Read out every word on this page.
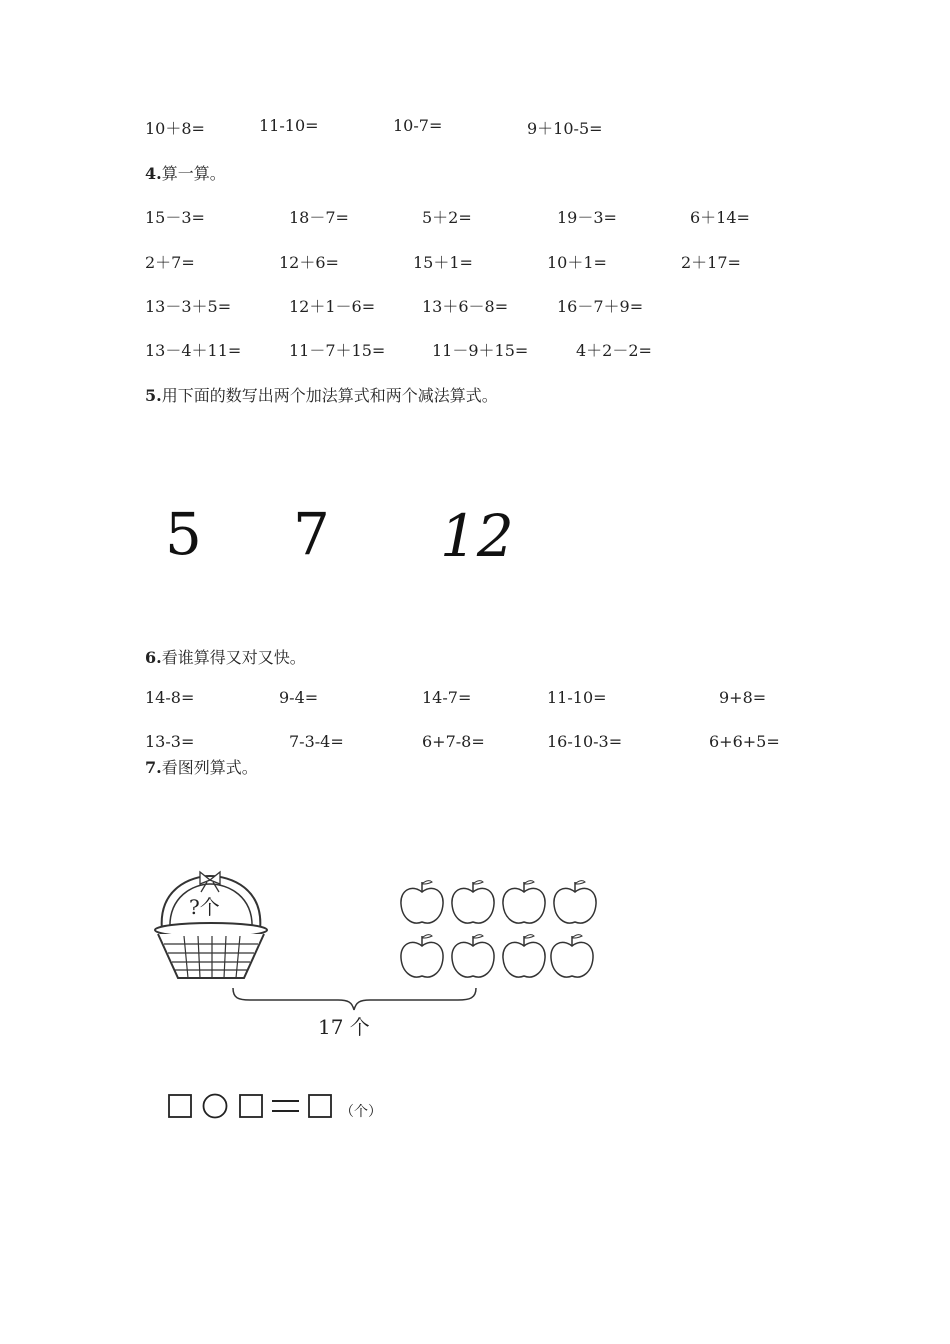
10＋8=	11-10=	10-7=	9＋10-5=
4.算一算。
15－3=	18－7=	5＋2=	19－3=	6＋14=
2＋7=	12＋6=	15＋1=	10＋1=	2＋17=
13－3＋5=	12＋1－6=	13＋6－8=	16－7＋9=
13－4＋11=	11－7＋15=	11－9＋15=	4＋2－2=
5.用下面的数写出两个加法算式和两个减法算式。
5 7 12
6.看谁算得又对又快。
14-8=	9-4=	14-7=	11-10=	9+8=
13-3=	7-3-4=	6+7-8=	16-10-3=	6+6+5=
7.看图列算式。
?个
17 个
（个）
